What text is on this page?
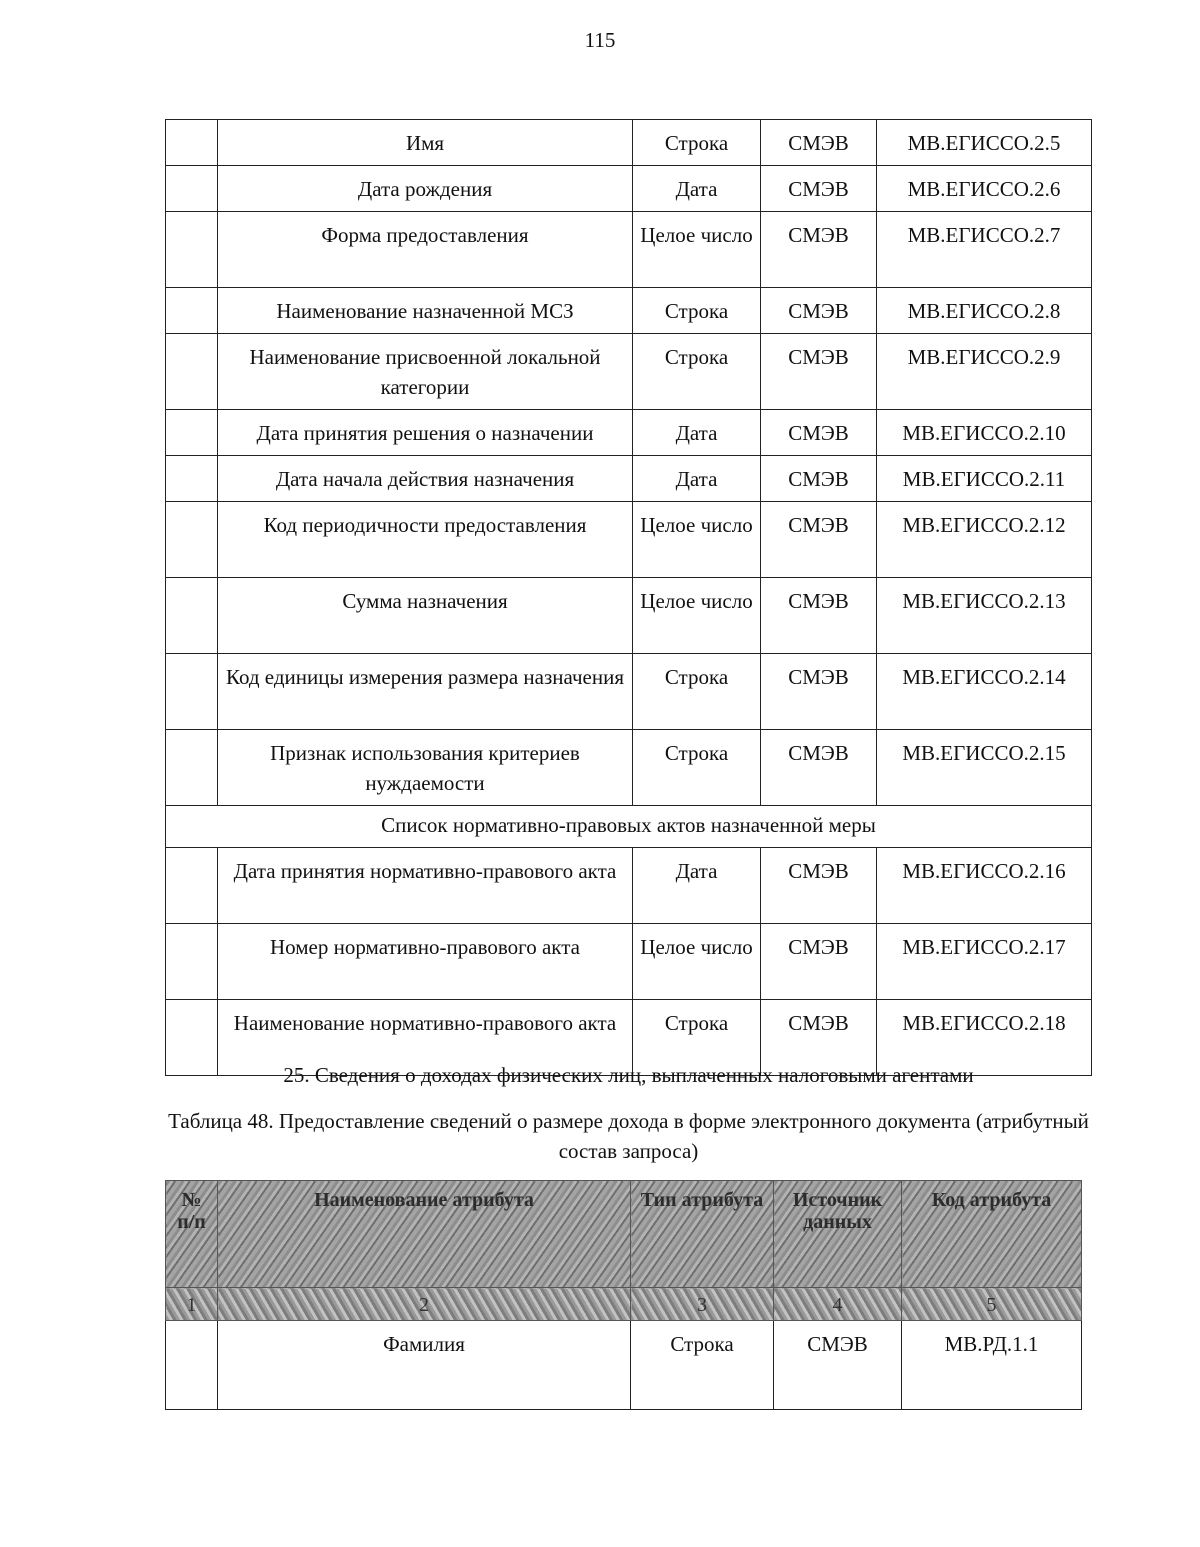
115
	Имя	Строка	СМЭВ	МВ.ЕГИССО.2.5
	Дата рождения	Дата	СМЭВ	МВ.ЕГИССО.2.6
	Форма предоставления	Целое число	СМЭВ	МВ.ЕГИССО.2.7
	Наименование назначенной МСЗ	Строка	СМЭВ	МВ.ЕГИССО.2.8
	Наименование присвоенной локальной категории	Строка	СМЭВ	МВ.ЕГИССО.2.9
	Дата принятия решения о назначении	Дата	СМЭВ	МВ.ЕГИССО.2.10
	Дата начала действия назначения	Дата	СМЭВ	МВ.ЕГИССО.2.11
	Код периодичности предоставления	Целое число	СМЭВ	МВ.ЕГИССО.2.12
	Сумма назначения	Целое число	СМЭВ	МВ.ЕГИССО.2.13
	Код единицы измерения размера назначения	Строка	СМЭВ	МВ.ЕГИССО.2.14
	Признак использования критериев нуждаемости	Строка	СМЭВ	МВ.ЕГИССО.2.15
Список нормативно-правовых актов назначенной меры				
	Дата принятия нормативно-правового акта	Дата	СМЭВ	МВ.ЕГИССО.2.16
	Номер нормативно-правового акта	Целое число	СМЭВ	МВ.ЕГИССО.2.17
	Наименование нормативно-правового акта	Строка	СМЭВ	МВ.ЕГИССО.2.18
25. Сведения о доходах физических лиц, выплаченных налоговыми агентами
Таблица 48. Предоставление сведений о размере дохода в форме электронного документа (атрибутный состав запроса)
№ п/п	Наименование атрибута	Тип атрибута	Источник данных	Код атрибута
1	2	3	4	5
	Фамилия	Строка	СМЭВ	МВ.РД.1.1
